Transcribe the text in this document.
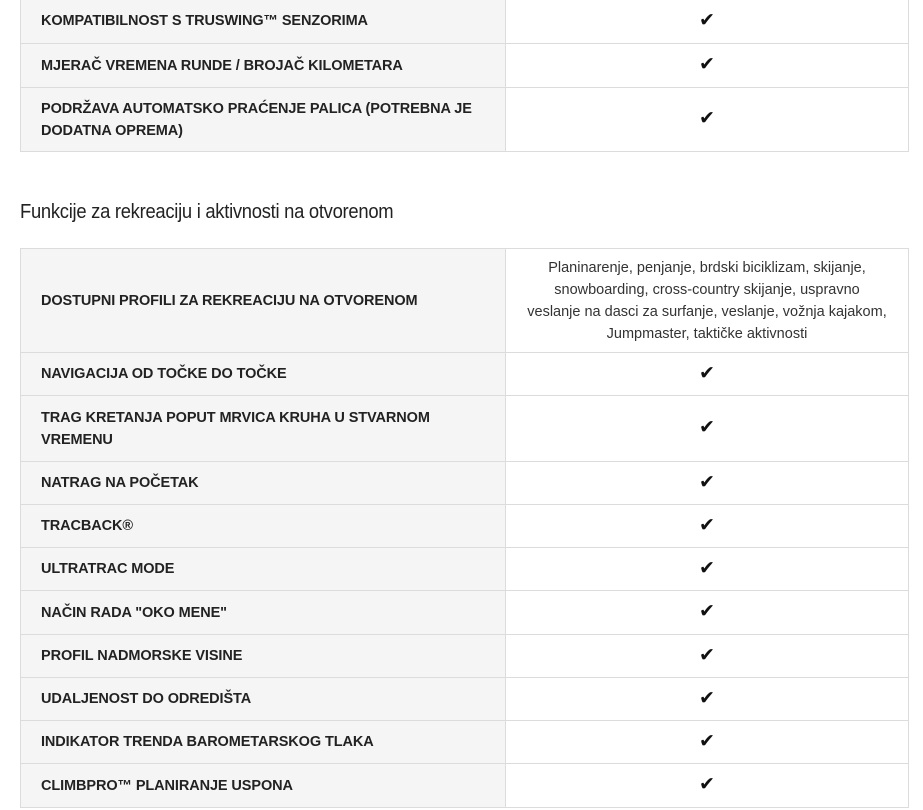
KOMPATIBILNOST S TRUSWING™ SENZORIMA	✔
MJERAČ VREMENA RUNDE / BROJAČ KILOMETARA	✔
PODRŽAVA AUTOMATSKO PRAĆENJE PALICA (POTREBNA JE DODATNA OPREMA)	✔
Funkcije za rekreaciju i aktivnosti na otvorenom
DOSTUPNI PROFILI ZA REKREACIJU NA OTVORENOM	Planinarenje, penjanje, brdski biciklizam, skijanje, snowboarding, cross-country skijanje, uspravno veslanje na dasci za surfanje, veslanje, vožnja kajakom, Jumpmaster, taktičke aktivnosti
NAVIGACIJA OD TOČKE DO TOČKE	✔
TRAG KRETANJA POPUT MRVICA KRUHA U STVARNOM VREMENU	✔
NATRAG NA POČETAK	✔
TRACBACK®	✔
ULTRATRAC MODE	✔
NAČIN RADA "OKO MENE"	✔
PROFIL NADMORSKE VISINE	✔
UDALJENOST DO ODREDIŠTA	✔
INDIKATOR TRENDA BAROMETARSKOG TLAKA	✔
CLIMBPRO™ PLANIRANJE USPONA	✔
